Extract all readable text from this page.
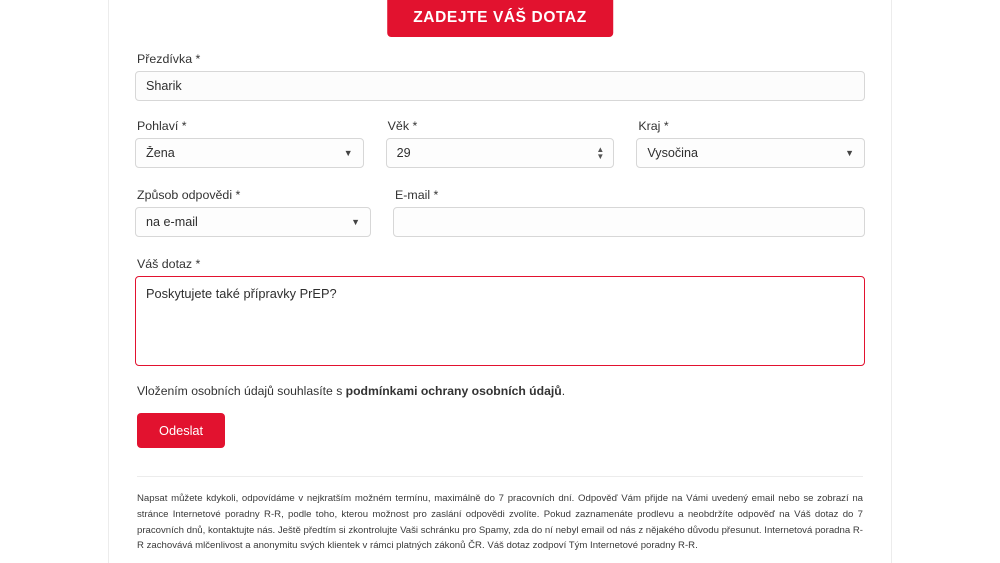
ZADEJTE VÁŠ DOTAZ
Přezdívka *
Sharik
Pohlaví *
Žena
▼
Věk *
29
▲
▼
Kraj *
Vysočina
▼
Způsob odpovědi *
na e-mail
▼
E-mail *
Váš dotaz *
Poskytujete také přípravky PrEP?
Vložením osobních údajů souhlasíte s podmínkami ochrany osobních údajů.
Odeslat
Napsat můžete kdykoli, odpovídáme v nejkratším možném termínu, maximálně do 7 pracovních dní. Odpověď Vám přijde na Vámi uvedený email nebo se zobrazí na stránce Internetové poradny R-R, podle toho, kterou možnost pro zaslání odpovědi zvolíte. Pokud zaznamenáte prodlevu a neobdržíte odpověď na Váš dotaz do 7 pracovních dnů, kontaktujte nás. Ještě předtím si zkontrolujte Vaši schránku pro Spamy, zda do ní nebyl email od nás z nějakého důvodu přesunut. Internetová poradna R-R zachovává mlčenlivost a anonymitu svých klientek v rámci platných zákonů ČR. Váš dotaz zodpoví Tým Internetové poradny R-R.
